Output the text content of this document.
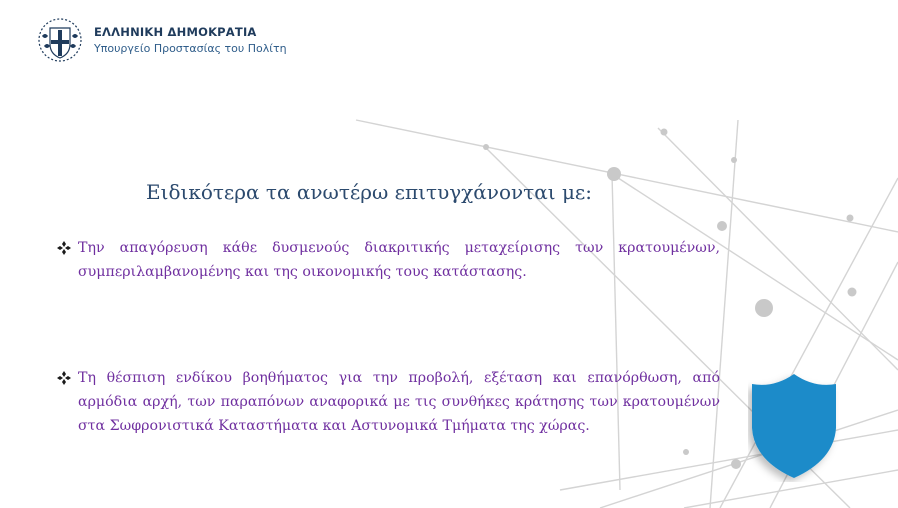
ΕΛΛΗΝΙΚΗ ΔΗΜΟΚΡΑΤΙΑ
Υπουργείο Προστασίας του Πολίτη
Ειδικότερα τα ανωτέρω επιτυγχάνονται με:

Την απαγόρευση κάθε δυσμενούς διακριτικής μεταχείρισης των κρατουμένων, συμπεριλαμβανομένης και της οικονομικής τους κατάστασης.

Τη θέσπιση ενδίκου βοηθήματος για την προβολή, εξέταση και επανόρθωση, από αρμόδια αρχή, των παραπόνων αναφορικά με τις συνθήκες κράτησης των κρατουμένων στα Σωφρονιστικά Καταστήματα και Αστυνομικά Τμήματα της χώρας.
